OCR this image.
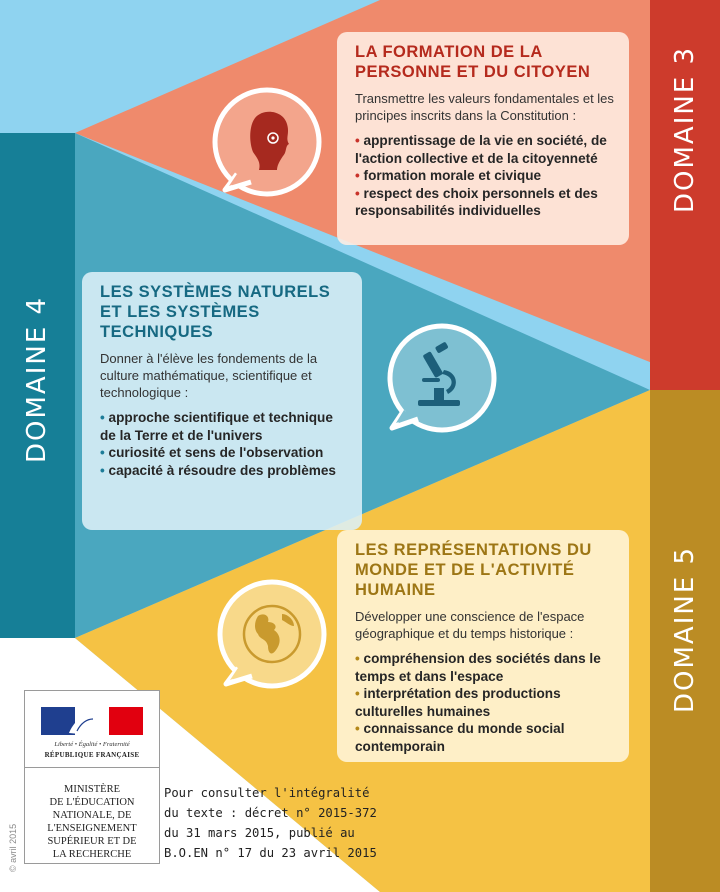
DOMAINE 3
DOMAINE 4
DOMAINE 5

LA FORMATION DE LA PERSONNE ET DU CITOYEN

Transmettre les valeurs fondamentales et les principes inscrits dans la Constitution :

• apprentissage de la vie en société, de l'action collective et de la citoyenneté

• formation morale et civique

• respect des choix personnels et des responsabilités individuelles

LES SYSTÈMES NATURELS ET LES SYSTÈMES TECHNIQUES

Donner à l'élève les fondements de la culture mathématique, scientifique et technologique :

• approche scientifique et technique de la Terre et de l'univers

• curiosité et sens de l'observation

• capacité à résoudre des problèmes

LES REPRÉSENTATIONS DU MONDE ET DE L'ACTIVITÉ HUMAINE

Développer une conscience de l'espace géographique et du temps historique :

• compréhension des sociétés dans le temps et dans l'espace

• interprétation des productions culturelles humaines

• connaissance du monde social contemporain

Liberté • Égalité • Fraternité
RÉPUBLIQUE FRANÇAISE
MINISTÈRE
DE L'ÉDUCATION
NATIONALE, DE
L'ENSEIGNEMENT
SUPÉRIEUR ET DE
LA RECHERCHE
© avril 2015
Pour consulter l'intégralité
du texte : décret n° 2015-372
du 31 mars 2015, publié au
B.O.EN n° 17 du 23 avril 2015
